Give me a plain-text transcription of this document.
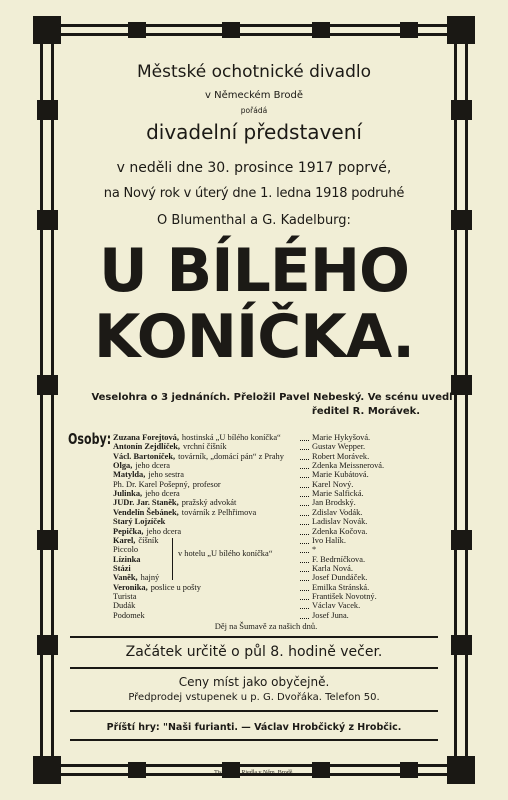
Městské ochotnické divadlo
v Německém Brodě
pořádá
divadelní představení
v neděli dne 30. prosince 1917 poprvé,
na Nový rok v úterý dne 1. ledna 1918 podruhé
O Blumenthal a G. Kadelburg:
U BÍLÉHO
KONÍČKA.
Veselohra o 3 jednáních. Přeložil Pavel Nebeský. Ve scénu uvedl
ředitel R. Morávek.
Osoby: Zuzana Forejtová, hostinská „U bílého koníčka“	Marie Hykyšová.
Antonín Zejdlíček, vrchní číšník	Gustav Wepper.
Václ. Bartoníček, továrník, „domácí pán“ z Prahy	Robert Morávek.
Olga, jeho dcera	Zdenka Meissnerová.
Matylda, jeho sestra	Marie Kubátová.
Ph. Dr. Karel Pošepný, profesor	Karel Nový.
Julinka, jeho dcera	Marie Salfická.
JUDr. Jar. Staněk, pražský advokát	Jan Brodský.
Vendelín Šebánek, továrník z Pelhřimova	Zdislav Vodák.
Starý Lojzíček	Ladislav Novák.
Pepička, jeho dcera	Zdenka Kočova.
Karel, číšník	Ivo Halík.
Piccolo	*
Lízinka	F. Bedrníčkova.
Stázi	Karla Nová.
Vaněk, hajný	Josef Dundáček.
Veronika, poslice u pošty	Emilka Stránská.
Turista	František Novotný.
Dudák	Václav Vacek.
Podomek	Josef Juna.
v hotelu „U bílého koníčka“
Děj na Šumavě za našich dnů.
Začátek určitě o půl 8. hodině večer.
Ceny míst jako obyčejně.
Předprodej vstupenek u p. G. Dvořáka. Telefon 50.
Příští hry: "Naši furianti. — Václav Hrobčický z Hrobčic.
Tiskem Fr. Riedla v Něm. Brodě.
